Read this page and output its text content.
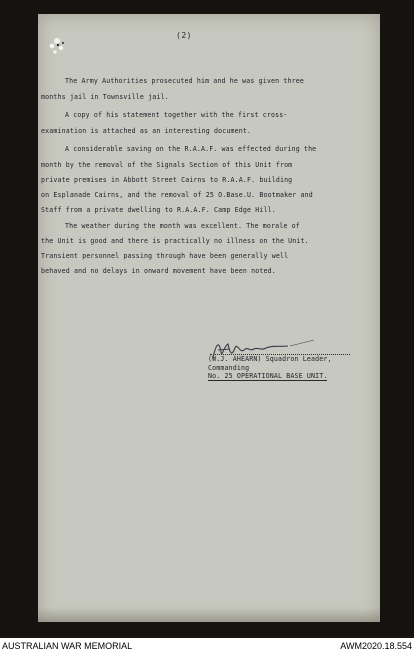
(2)
The Army Authorities prosecuted him and he was given three
months jail in Townsville jail.
A copy of his statement together with the first cross-
examination is attached as an interesting document.
A considerable saving on the R.A.A.F. was effected during the
month by the removal of the Signals Section of this Unit from
private premises in Abbott Street Cairns to R.A.A.F. building
on Esplanade Cairns, and the removal of 25 O.Base.U. Bootmaker and
Staff from a private dwelling to R.A.A.F. Camp Edge Hill.
The weather during the month was excellent. The morale of
the Unit is good and there is practically no illness on the Unit.
Transient personnel passing through have been generally well
behaved and no delays in onward movement have been noted.
(W.J. AHEARN) Squadron Leader,
Commanding
No. 25 OPERATIONAL BASE UNIT.
AUSTRALIAN WAR MEMORIAL	AWM2020.18.554
